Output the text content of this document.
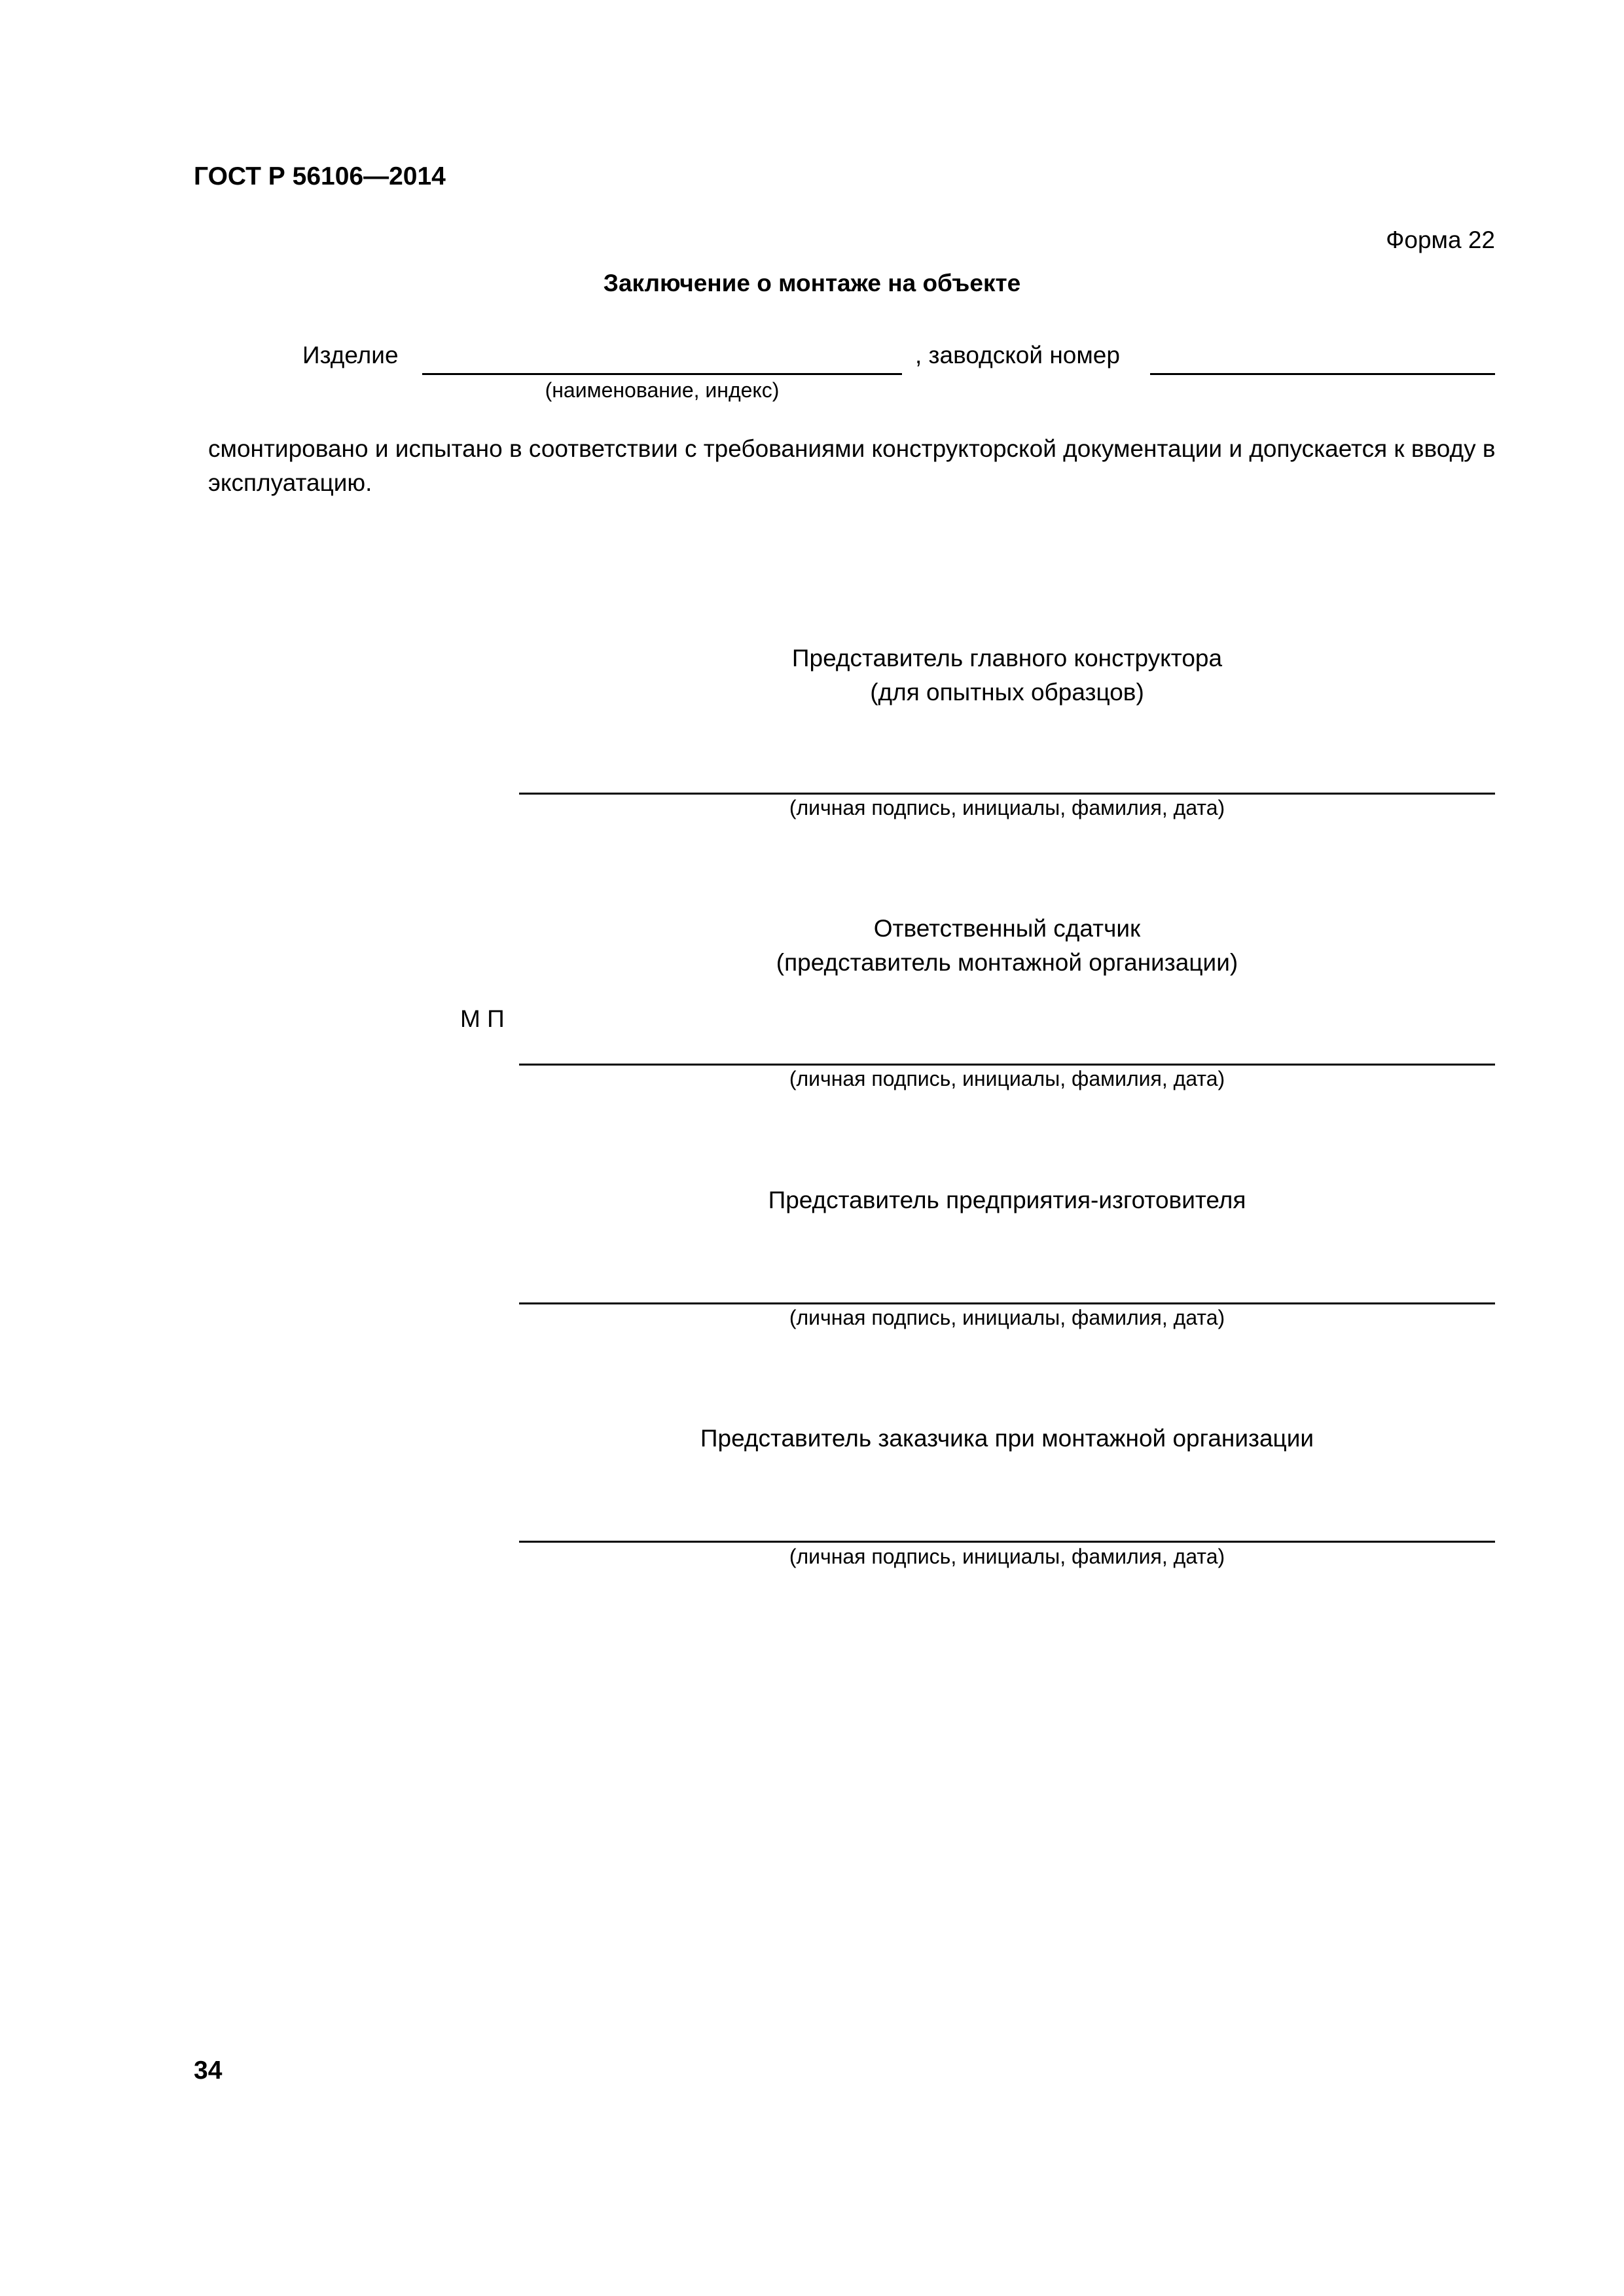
ГОСТ Р 56106—2014
Форма 22
Заключение о монтаже на объекте
Изделие
(наименование, индекс)
, заводской номер
смонтировано и испытано в соответствии с требованиями конструкторской документации и допускается к вводу в эксплуатацию.
Представитель главного конструктора
(для опытных образцов)
(личная подпись, инициалы, фамилия, дата)
Ответственный сдатчик
(представитель монтажной организации)
М П
(личная подпись, инициалы, фамилия, дата)
Представитель предприятия-изготовителя
(личная подпись, инициалы, фамилия, дата)
Представитель заказчика при монтажной организации
(личная подпись, инициалы, фамилия, дата)
34
